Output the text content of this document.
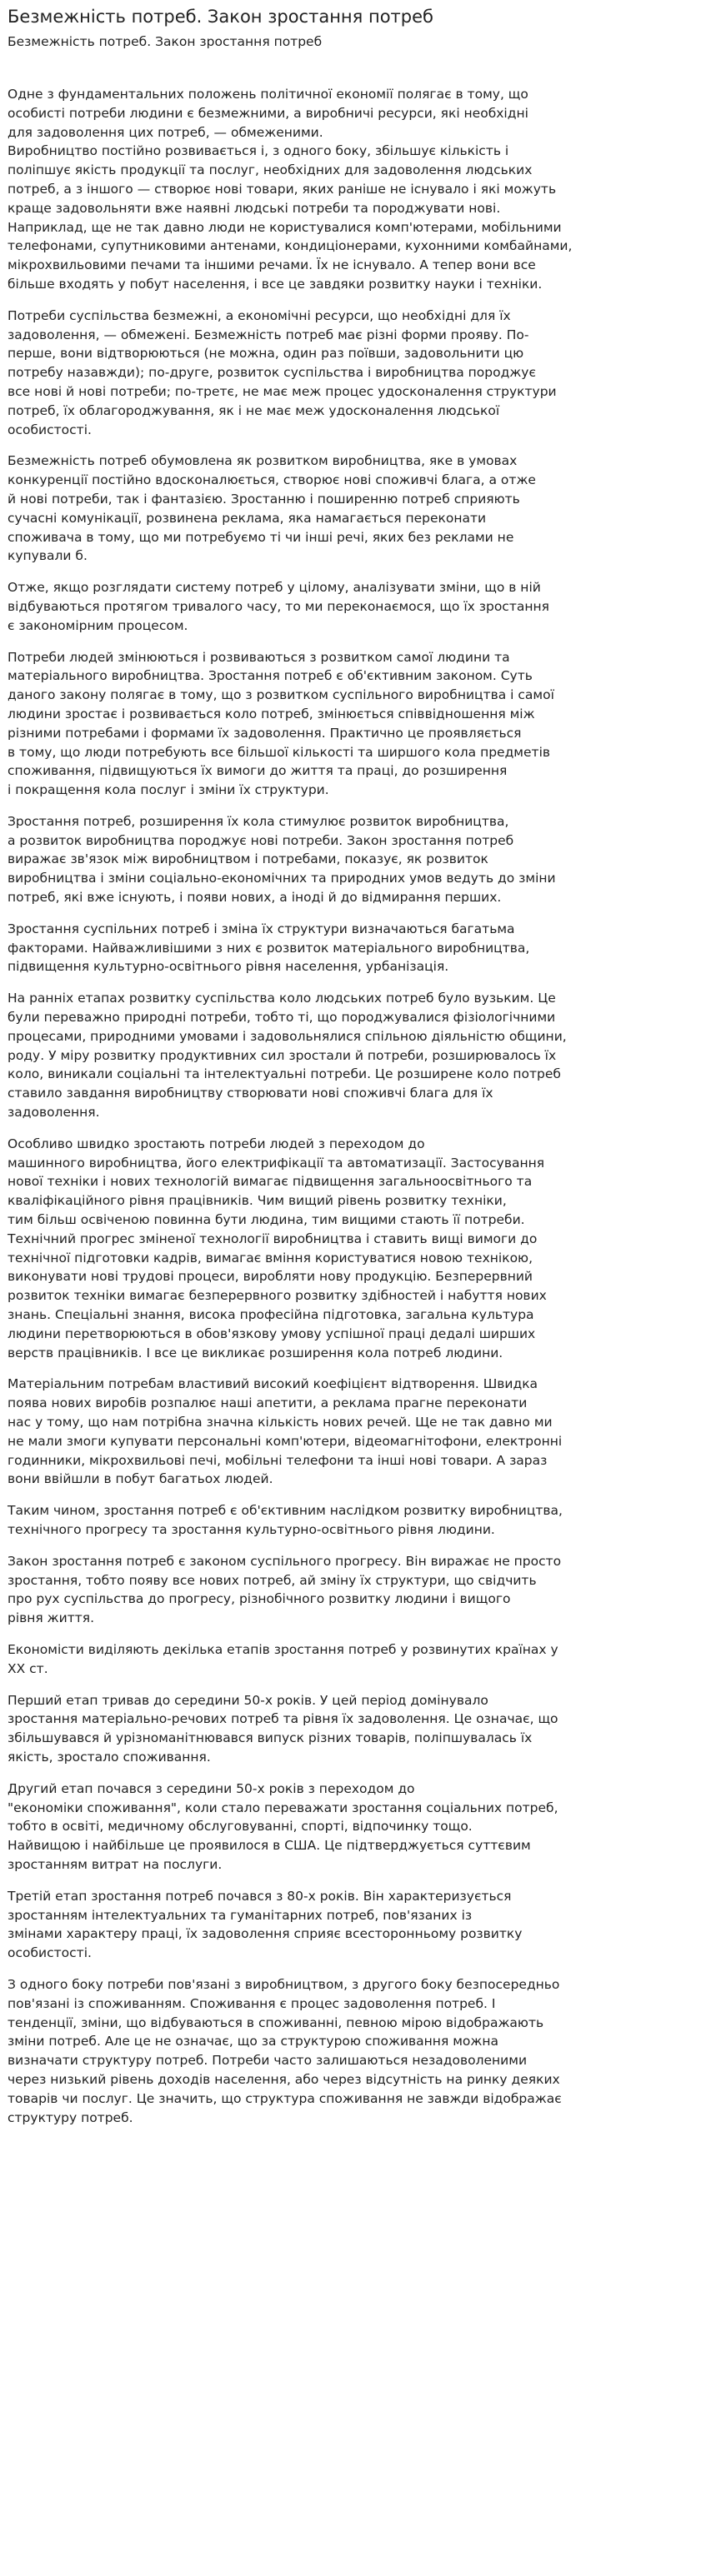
Безмежність потреб. Закон зростання потреб
Безмежність потреб. Закон зростання потреб

Одне з фундаментальних положень політичної економії полягає в тому, що
особисті потреби людини є безмежними, а виробничі ресурси, які необхідні
для задоволення цих потреб, — обмеженими.
Виробництво постійно розвивається і, з одного боку, збільшує кількість і
поліпшує якість продукції та послуг, необхідних для задоволення людських
потреб, а з іншого — створює нові товари, яких раніше не існувало і які можуть
краще задовольняти вже наявні людські потреби та породжувати нові.
Наприклад, ще не так давно люди не користувалися комп'ютерами, мобільними
телефонами, супутниковими антенами, кондиціонерами, кухонними комбайнами,
мікрохвильовими печами та іншими речами. Їх не існувало. А тепер вони все
більше входять у побут населення, і все це завдяки розвитку науки і техніки.

Потреби суспільства безмежні, а економічні ресурси, що необхідні для їх
задоволення, — обмежені. Безмежність потреб має різні форми прояву. По-
перше, вони відтворюються (не можна, один раз поївши, задовольнити цю
потребу назавжди); по-друге, розвиток суспільства і виробництва породжує
все нові й нові потреби; по-третє, не має меж процес удосконалення структури
потреб, їх облагороджування, як і не має меж удосконалення людської
особистості.

Безмежність потреб обумовлена як розвитком виробництва, яке в умовах
конкуренції постійно вдосконалюється, створює нові споживчі блага, а отже
й нові потреби, так і фантазією. Зростанню і поширенню потреб сприяють
сучасні комунікації, розвинена реклама, яка намагається переконати
споживача в тому, що ми потребуємо ті чи інші речі, яких без реклами не
купували б.

Отже, якщо розглядати систему потреб у цілому, аналізувати зміни, що в ній
відбуваються протягом тривалого часу, то ми переконаємося, що їх зростання
є закономірним процесом.

Потреби людей змінюються і розвиваються з розвитком самої людини та
матеріального виробництва. Зростання потреб є об'єктивним законом. Суть
даного закону полягає в тому, що з розвитком суспільного виробництва і самої
людини зростає і розвивається коло потреб, змінюється співвідношення між
різними потребами і формами їх задоволення. Практично це проявляється
в тому, що люди потребують все більшої кількості та ширшого кола предметів
споживання, підвищуються їх вимоги до життя та праці, до розширення
і покращення кола послуг і зміни їх структури.

Зростання потреб, розширення їх кола стимулює розвиток виробництва,
а розвиток виробництва породжує нові потреби. Закон зростання потреб
виражає зв'язок між виробництвом і потребами, показує, як розвиток
виробництва і зміни соціально-економічних та природних умов ведуть до зміни
потреб, які вже існують, і появи нових, а іноді й до відмирання перших.

Зростання суспільних потреб і зміна їх структури визначаються багатьма
факторами. Найважливішими з них є розвиток матеріального виробництва,
підвищення культурно-освітнього рівня населення, урбанізація.

На ранніх етапах розвитку суспільства коло людських потреб було вузьким. Це
були переважно природні потреби, тобто ті, що породжувалися фізіологічними
процесами, природними умовами і задовольнялися спільною діяльністю общини,
роду. У міру розвитку продуктивних сил зростали й потреби, розширювалось їх
коло, виникали соціальні та інтелектуальні потреби. Це розширене коло потреб
ставило завдання виробництву створювати нові споживчі блага для їх
задоволення.

Особливо швидко зростають потреби людей з переходом до
машинного виробництва, його електрифікації та автоматизації. Застосування
нової техніки і нових технологій вимагає підвищення загальноосвітнього та
кваліфікаційного рівня працівників. Чим вищий рівень розвитку техніки,
тим більш освіченою повинна бути людина, тим вищими стають її потреби.
Технічний прогрес зміненої технології виробництва і ставить вищі вимоги до
технічної підготовки кадрів, вимагає вміння користуватися новою технікою,
виконувати нові трудові процеси, виробляти нову продукцію. Безперервний
розвиток техніки вимагає безперервного розвитку здібностей і набуття нових
знань. Спеціальні знання, висока професійна підготовка, загальна культура
людини перетворюються в обов'язкову умову успішної праці дедалі ширших
верств працівників. І все це викликає розширення кола потреб людини.

Матеріальним потребам властивий високий коефіцієнт відтворення. Швидка
поява нових виробів розпалює наші апетити, а реклама прагне переконати
нас у тому, що нам потрібна значна кількість нових речей. Ще не так давно ми
не мали змоги купувати персональні комп'ютери, відеомагнітофони, електронні
годинники, мікрохвильові печі, мобільні телефони та інші нові товари. А зараз
вони ввійшли в побут багатьох людей.

Таким чином, зростання потреб є об'єктивним наслідком розвитку виробництва,
технічного прогресу та зростання культурно-освітнього рівня людини.

Закон зростання потреб є законом суспільного прогресу. Він виражає не просто
зростання, тобто появу все нових потреб, ай зміну їх структури, що свідчить
про рух суспільства до прогресу, різнобічного розвитку людини і вищого
рівня життя.

Економісти виділяють декілька етапів зростання потреб у розвинутих країнах у
XX ст.

Перший етап тривав до середини 50-х років. У цей період домінувало
зростання матеріально-речових потреб та рівня їх задоволення. Це означає, що
збільшувався й урізноманітнювався випуск різних товарів, поліпшувалась їх
якість, зростало споживання.

Другий етап почався з середини 50-х років з переходом до
"економіки споживання", коли стало переважати зростання соціальних потреб,
тобто в освіті, медичному обслуговуванні, спорті, відпочинку тощо.
Найвищою і найбільше це проявилося в США. Це підтверджується суттєвим
зростанням витрат на послуги.

Третій етап зростання потреб почався з 80-х років. Він характеризується
зростанням інтелектуальних та гуманітарних потреб, пов'язаних із
змінами характеру праці, їх задоволення сприяє всесторонньому розвитку
особистості.

З одного боку потреби пов'язані з виробництвом, з другого боку безпосередньо
пов'язані із споживанням. Споживання є процес задоволення потреб. І
тенденції, зміни, що відбуваються в споживанні, певною мірою відображають
зміни потреб. Але це не означає, що за структурою споживання можна
визначати структуру потреб. Потреби часто залишаються незадоволеними
через низький рівень доходів населення, або через відсутність на ринку деяких
товарів чи послуг. Це значить, що структура споживання не завжди відображає
структуру потреб.
